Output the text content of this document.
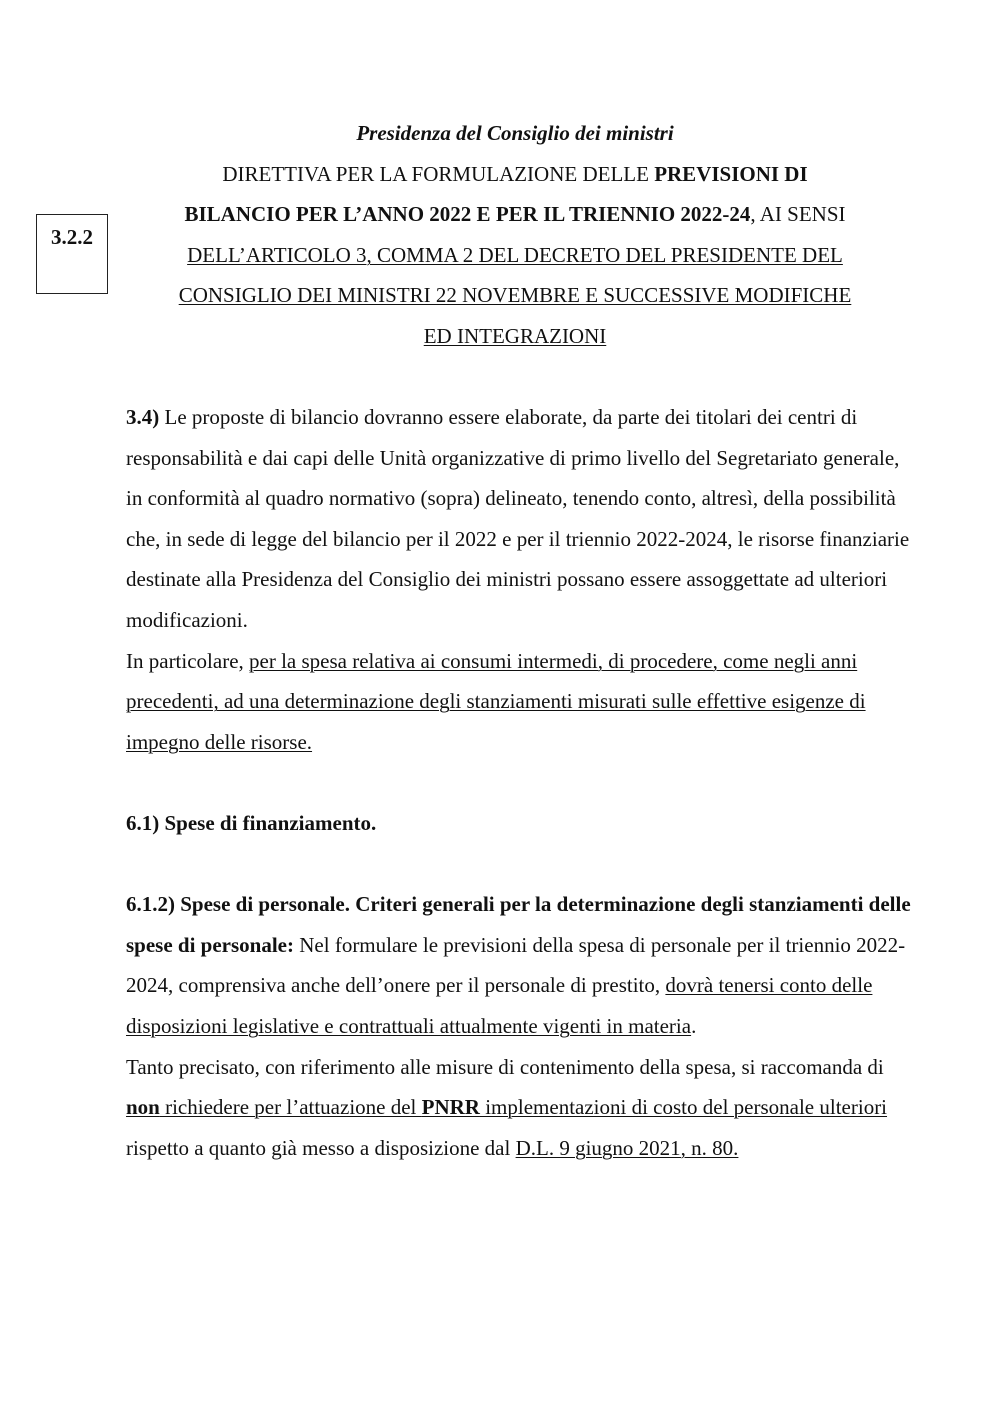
3.2.2
Presidenza del Consiglio dei ministri
DIRETTIVA PER LA FORMULAZIONE DELLE PREVISIONI DI
BILANCIO PER L’ANNO 2022 E PER IL TRIENNIO 2022-24, AI SENSI
DELL’ARTICOLO 3, COMMA 2 DEL DECRETO DEL PRESIDENTE DEL
CONSIGLIO DEI MINISTRI 22 NOVEMBRE E SUCCESSIVE MODIFICHE
ED INTEGRAZIONI

3.4) Le proposte di bilancio dovranno essere elaborate, da parte dei titolari dei centri di responsabilità e dai capi delle Unità organizzative di primo livello del Segretariato generale, in conformità al quadro normativo (sopra) delineato, tenendo conto, altresì, della possibilità che, in sede di legge del bilancio per il 2022 e per il triennio 2022-2024, le risorse finanziarie destinate alla Presidenza del Consiglio dei ministri possano essere assoggettate ad ulteriori modificazioni.

In particolare, per la spesa relativa ai consumi intermedi, di procedere, come negli anni precedenti, ad una determinazione degli stanziamenti misurati sulle effettive esigenze di impegno delle risorse.

6.1) Spese di finanziamento.

6.1.2) Spese di personale. Criteri generali per la determinazione degli stanziamenti delle spese di personale: Nel formulare le previsioni della spesa di personale per il triennio 2022-2024, comprensiva anche dell’onere per il personale di prestito, dovrà tenersi conto delle disposizioni legislative e contrattuali attualmente vigenti in materia.

Tanto precisato, con riferimento alle misure di contenimento della spesa, si raccomanda di non richiedere per l’attuazione del PNRR implementazioni di costo del personale ulteriori rispetto a quanto già messo a disposizione dal D.L. 9 giugno 2021, n. 80.
